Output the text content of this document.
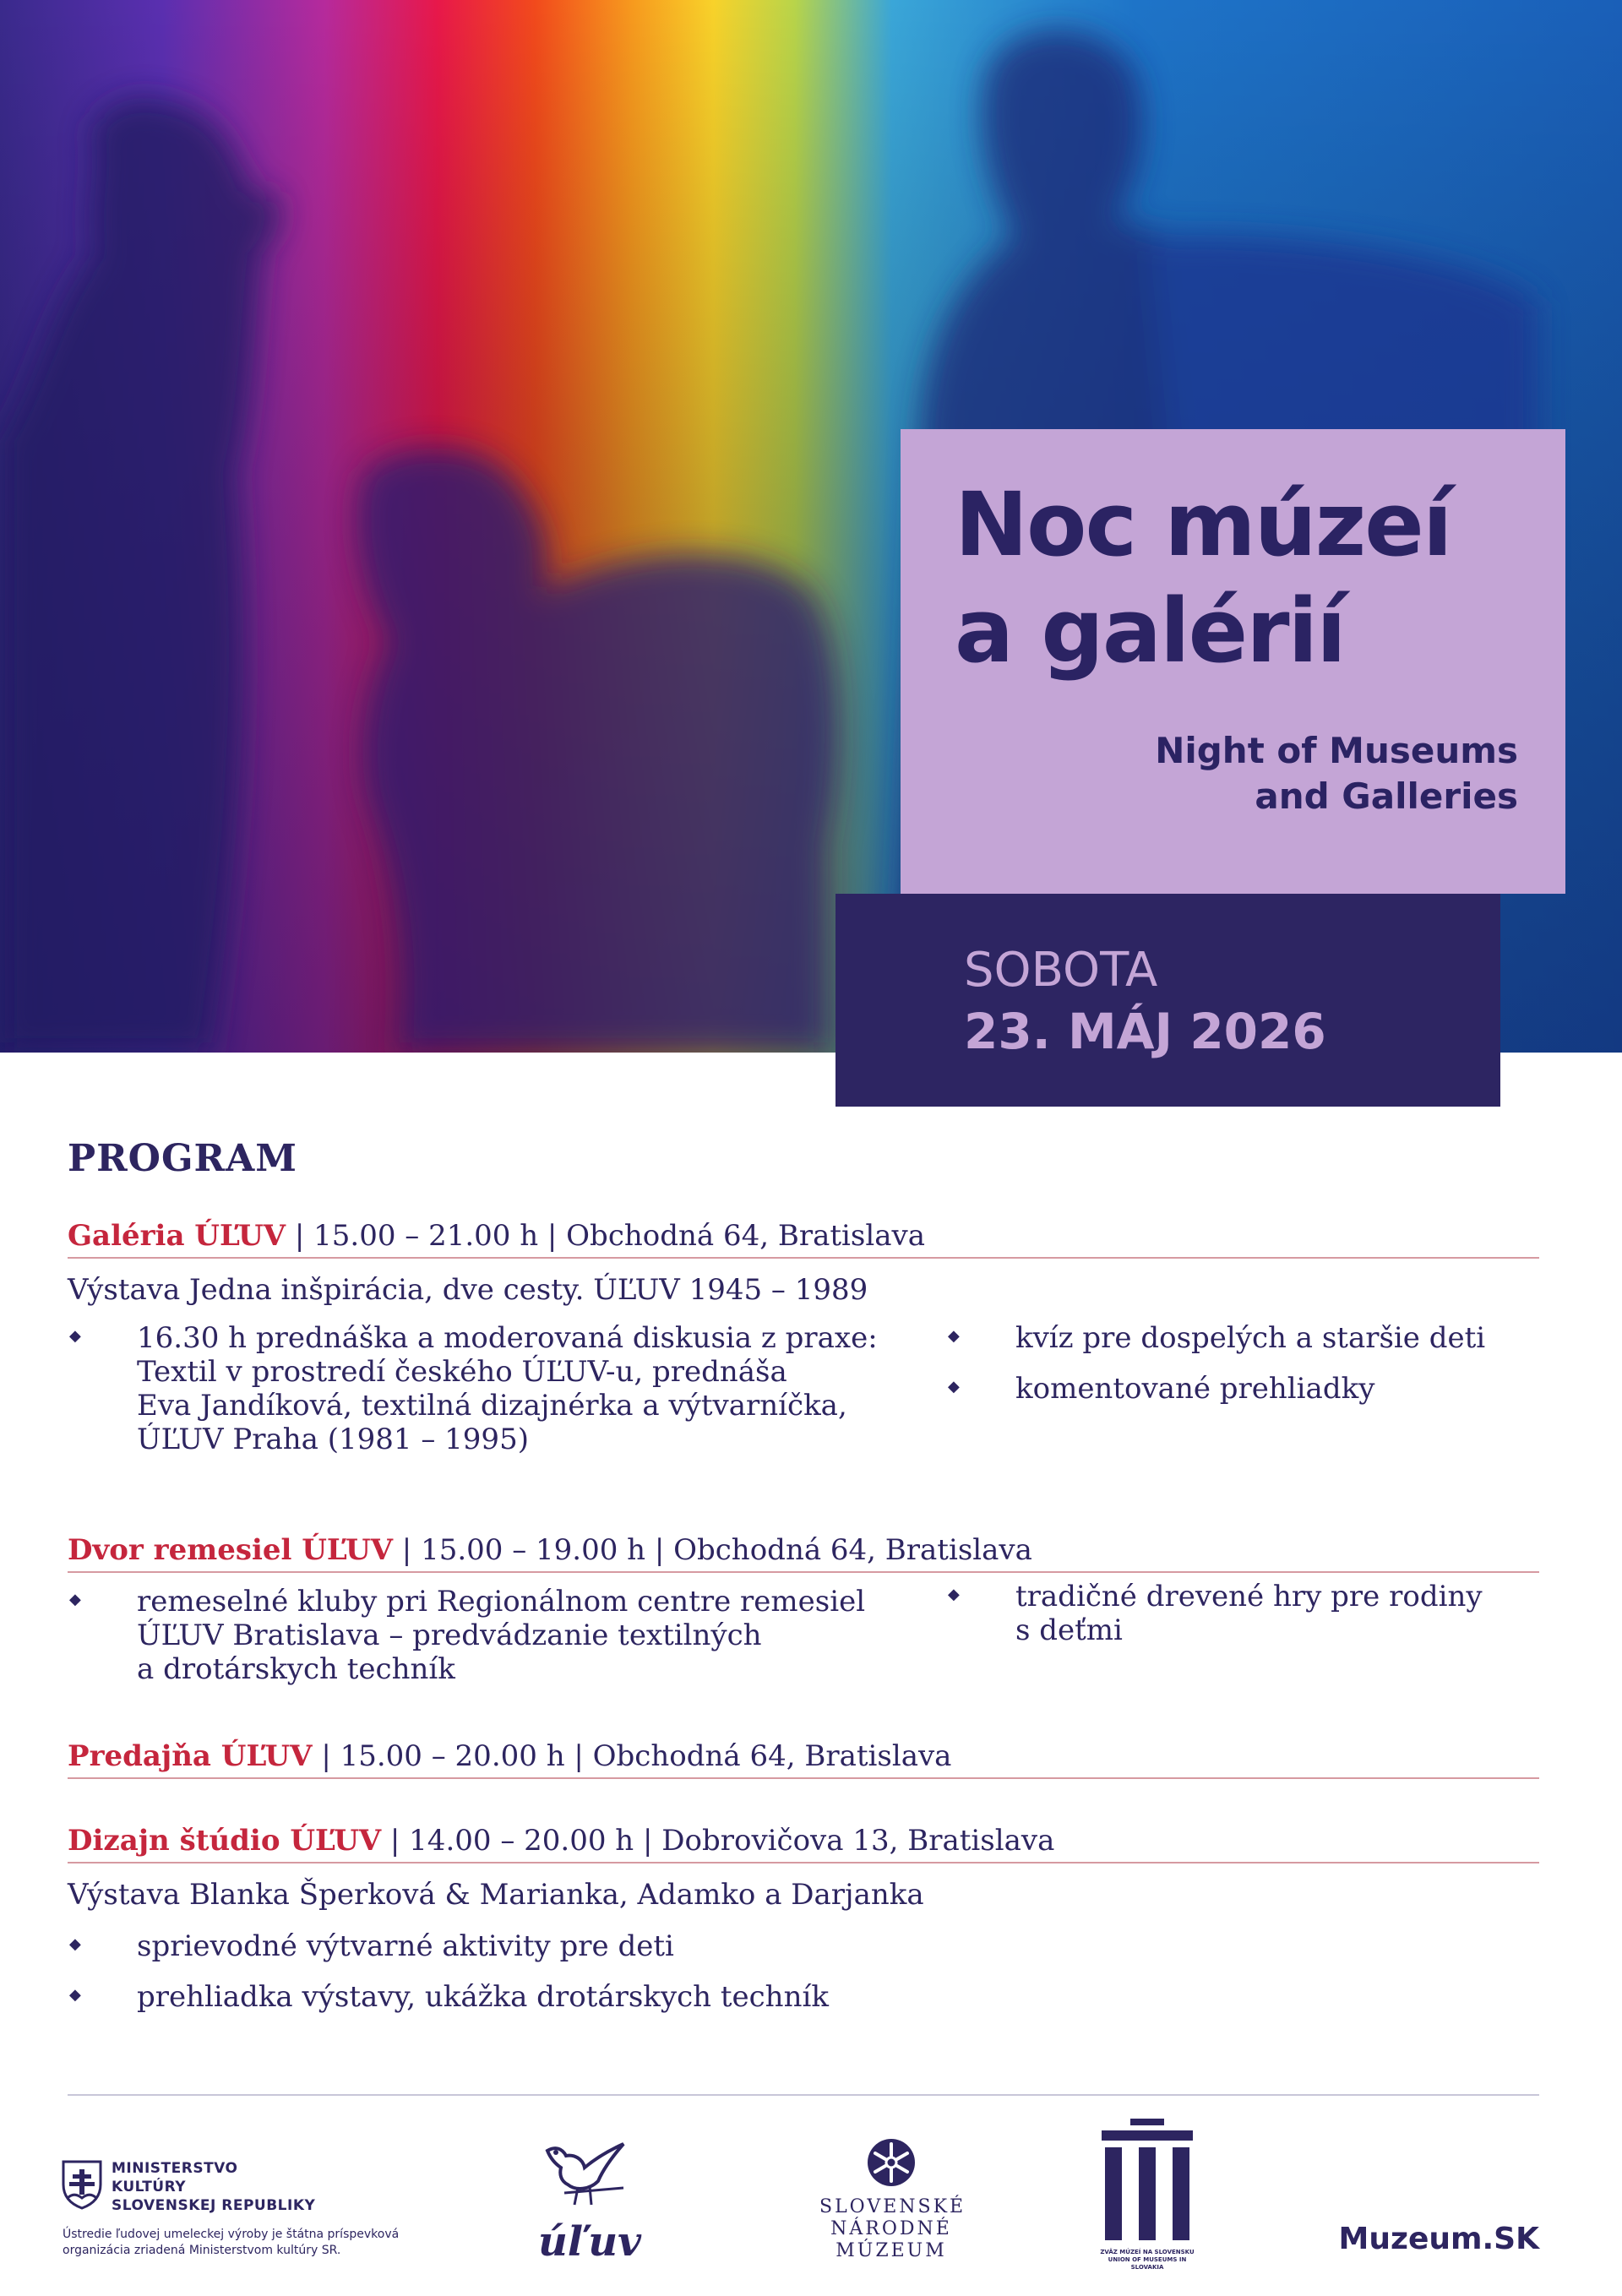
Noc múzeí
a galérií
Night of Museums
and Galleries
SOBOTA
23. MÁJ 2026
PROGRAM
Galéria ÚĽUV | 15.00 – 21.00 h | Obchodná 64, Bratislava
Výstava Jedna inšpirácia, dve cesty. ÚĽUV 1945 – 1989
◆ 16.30 h prednáška a moderovaná diskusia z praxe:
Textil v prostredí českého ÚĽUV-u, prednáša
Eva Jandíková, textilná dizajnérka a výtvarníčka,
ÚĽUV Praha (1981 – 1995)
◆ kvíz pre dospelých a staršie deti
◆ komentované prehliadky
Dvor remesiel ÚĽUV | 15.00 – 19.00 h | Obchodná 64, Bratislava
◆ remeselné kluby pri Regionálnom centre remesiel
ÚĽUV Bratislava – predvádzanie textilných
a drotárskych techník
◆ tradičné drevené hry pre rodiny
s deťmi
Predajňa ÚĽUV | 15.00 – 20.00 h | Obchodná 64, Bratislava
Dizajn štúdio ÚĽUV | 14.00 – 20.00 h | Dobrovičova 13, Bratislava
Výstava Blanka Šperková & Marianka, Adamko a Darjanka
◆ sprievodné výtvarné aktivity pre deti
◆ prehliadka výstavy, ukážka drotárskych techník
MINISTERSTVO
KULTÚRY
SLOVENSKEJ REPUBLIKY
Ústredie ľudovej umeleckej výroby je štátna príspevková organizácia zriadená Ministerstvom kultúry SR.	úľuv
SLOVENSKÉ
NÁRODNÉ
MÚZEUM	ZVÄZ MÚZEÍ NA SLOVENSKU
UNION OF MUSEUMS IN SLOVAKIA
Muzeum.SK
